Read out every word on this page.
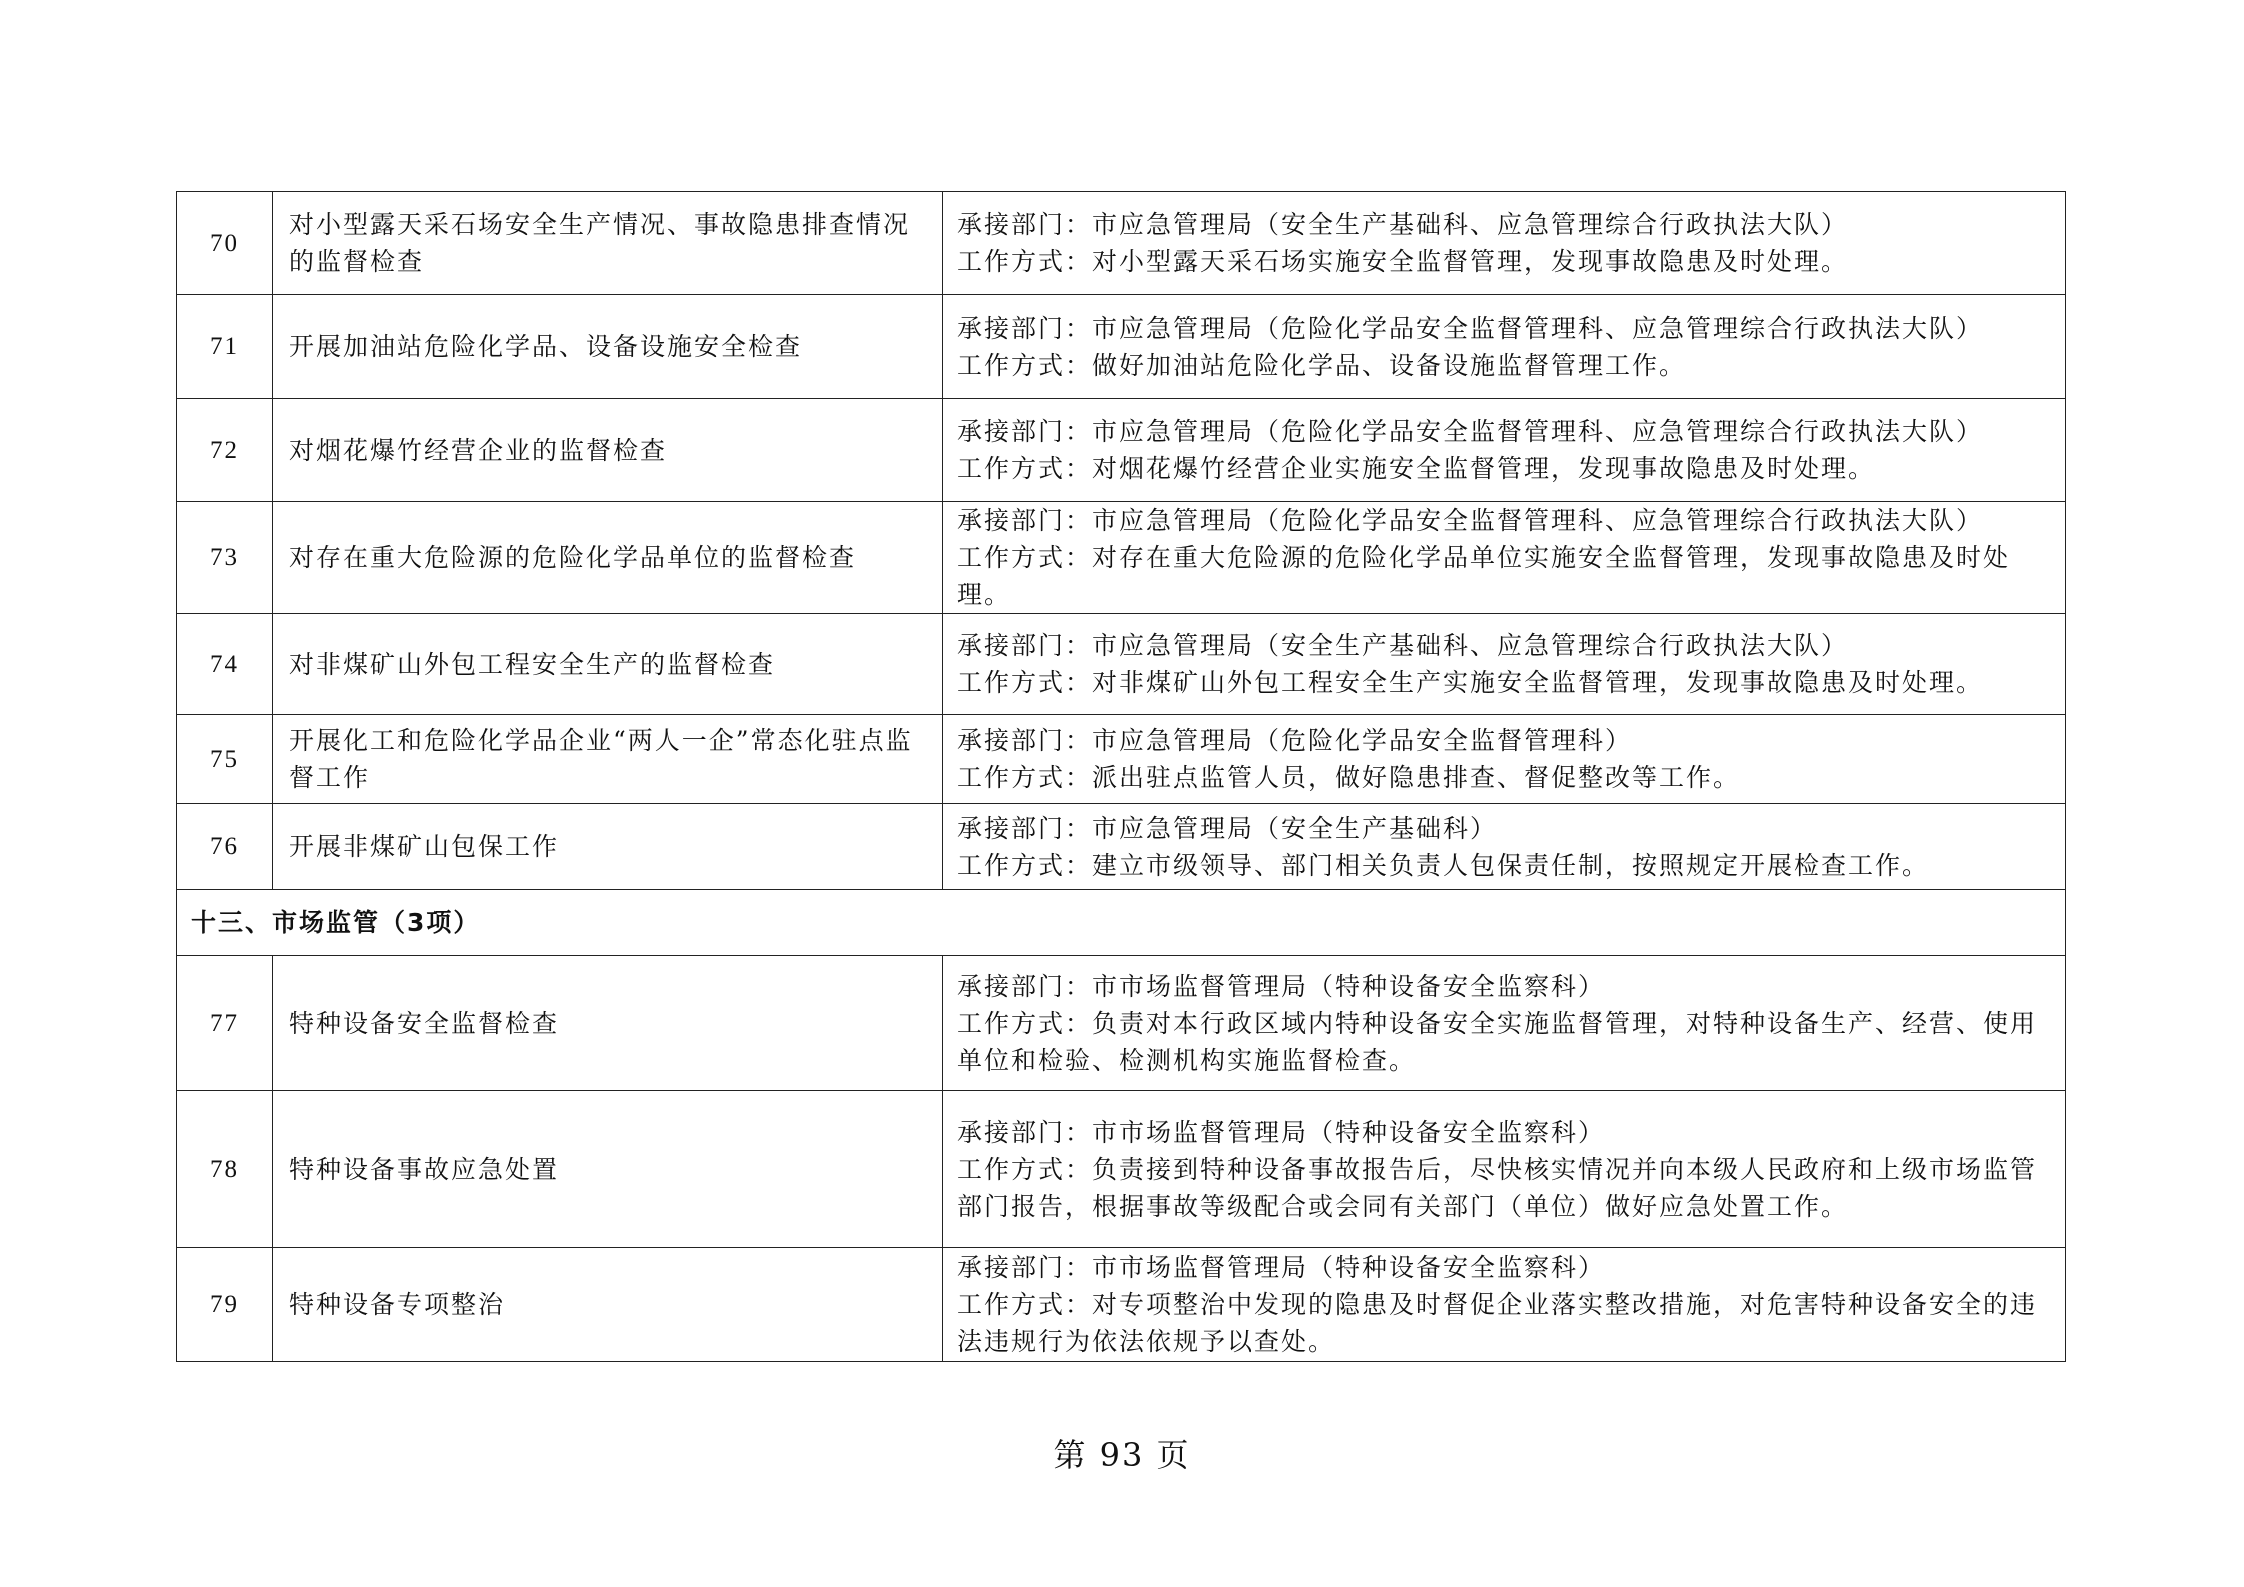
70	对小型露天采石场安全生产情况、事故隐患排查情况的监督检查	承接部门：市应急管理局（安全生产基础科、应急管理综合行政执法大队）
工作方式：对小型露天采石场实施安全监督管理，发现事故隐患及时处理。

71	开展加油站危险化学品、设备设施安全检查	承接部门：市应急管理局（危险化学品安全监督管理科、应急管理综合行政执法大队）
工作方式：做好加油站危险化学品、设备设施监督管理工作。

72	对烟花爆竹经营企业的监督检查	承接部门：市应急管理局（危险化学品安全监督管理科、应急管理综合行政执法大队）
工作方式：对烟花爆竹经营企业实施安全监督管理，发现事故隐患及时处理。

73	对存在重大危险源的危险化学品单位的监督检查	承接部门：市应急管理局（危险化学品安全监督管理科、应急管理综合行政执法大队）
工作方式：对存在重大危险源的危险化学品单位实施安全监督管理，发现事故隐患及时处理。

74	对非煤矿山外包工程安全生产的监督检查	承接部门：市应急管理局（安全生产基础科、应急管理综合行政执法大队）
工作方式：对非煤矿山外包工程安全生产实施安全监督管理，发现事故隐患及时处理。

75	开展化工和危险化学品企业“两人一企”常态化驻点监督工作	承接部门：市应急管理局（危险化学品安全监督管理科）
工作方式：派出驻点监管人员，做好隐患排查、督促整改等工作。

76	开展非煤矿山包保工作	承接部门：市应急管理局（安全生产基础科）
工作方式：建立市级领导、部门相关负责人包保责任制，按照规定开展检查工作。

十三、市场监管（3项）		
77	特种设备安全监督检查	承接部门：市市场监督管理局（特种设备安全监察科）
工作方式：负责对本行政区域内特种设备安全实施监督管理，对特种设备生产、经营、使用单位和检验、检测机构实施监督检查。

78	特种设备事故应急处置	承接部门：市市场监督管理局（特种设备安全监察科）
工作方式：负责接到特种设备事故报告后，尽快核实情况并向本级人民政府和上级市场监管部门报告，根据事故等级配合或会同有关部门（单位）做好应急处置工作。

79	特种设备专项整治	承接部门：市市场监督管理局（特种设备安全监察科）
工作方式：对专项整治中发现的隐患及时督促企业落实整改措施，对危害特种设备安全的违法违规行为依法依规予以查处。
第 93 页
